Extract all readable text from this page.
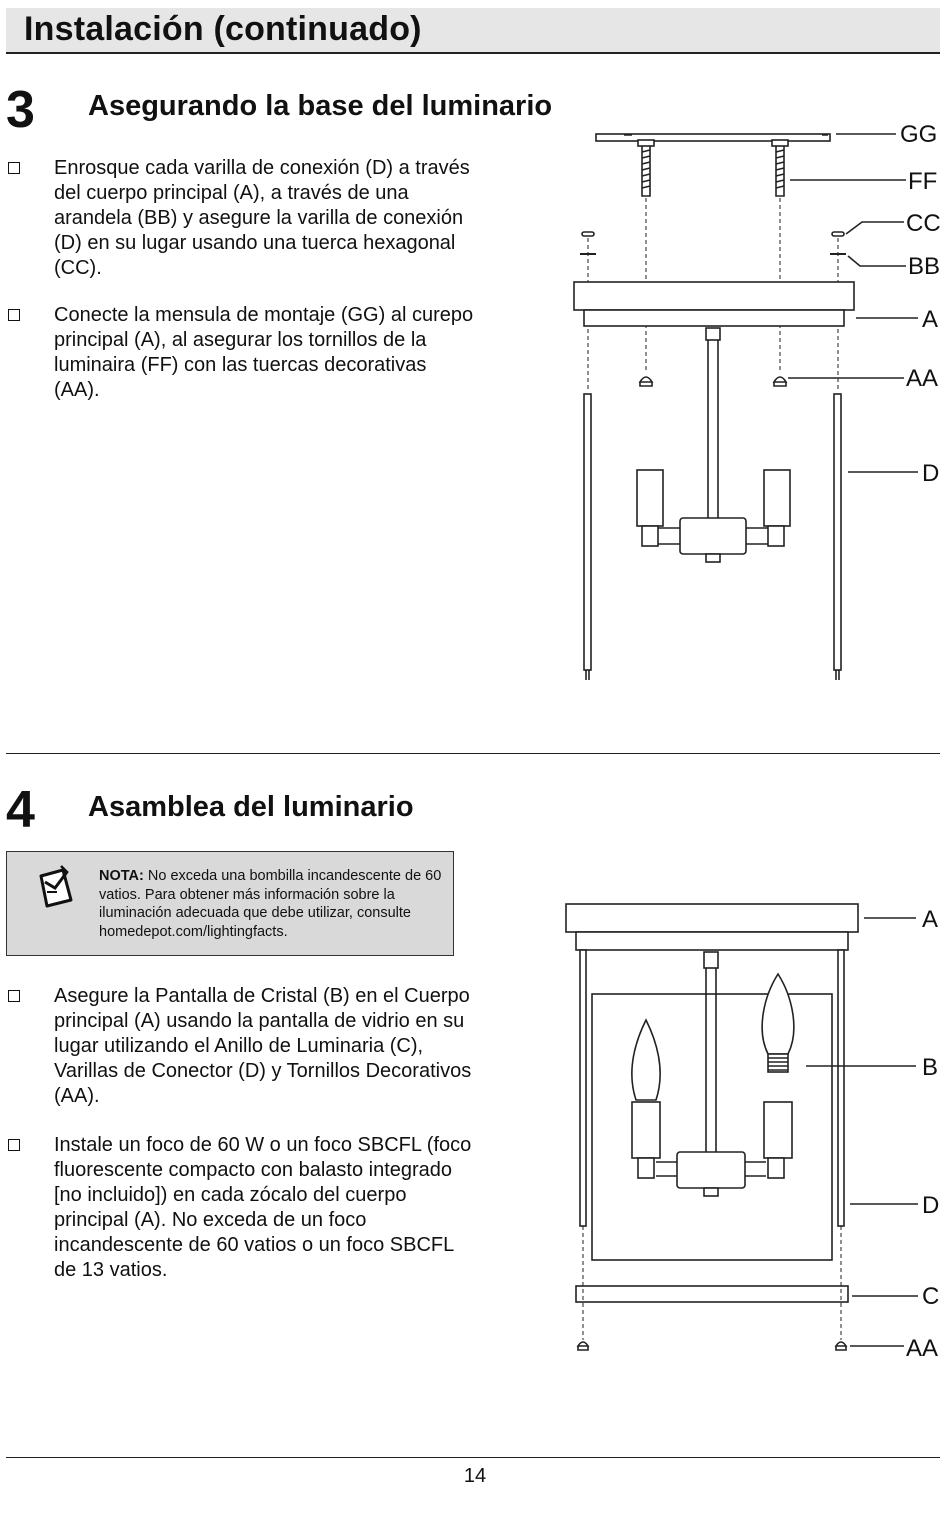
Instalación (continuado)
3 Asegurando la base del luminario
Enrosque cada varilla de conexión (D) a través del cuerpo principal (A), a través de una arandela (BB) y asegure la varilla de conexión (D) en su lugar usando una tuerca hexagonal (CC).
Conecte la mensula de montaje (GG) al curepo principal (A), al asegurar los tornillos de la luminaira (FF) con las tuercas decorativas (AA).
4 Asamblea del luminario
NOTA: No exceda una bombilla incandescente de 60 vatios. Para obtener más información sobre la iluminación adecuada que debe utilizar, consulte homedepot.com/lightingfacts.
Asegure la Pantalla de Cristal (B) en el Cuerpo principal (A) usando la pantalla de vidrio en su lugar utilizando el Anillo de Luminaria (C), Varillas de Conector (D) y Tornillos Decorativos (AA).
Instale un foco de 60 W o un foco SBCFL (foco fluorescente compacto con balasto integrado [no incluido]) en cada zócalo del cuerpo principal (A). No exceda de un foco incandescente de 60 vatios o un foco SBCFL de 13 vatios.
14
GG
FF
CC
BB
A
AA
D
A
B
D
C
AA
